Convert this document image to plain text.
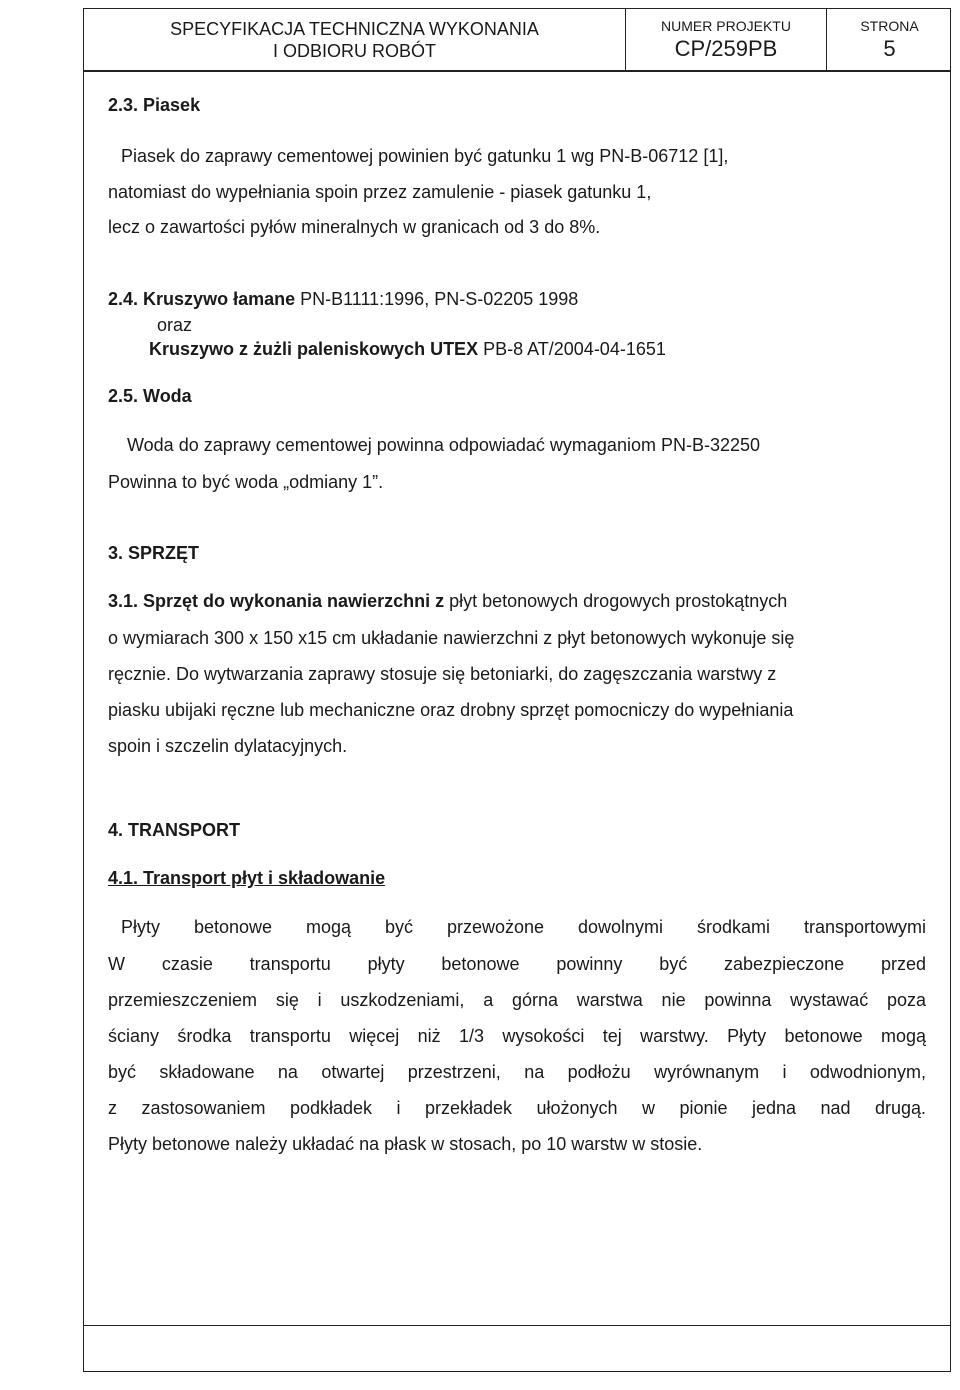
SPECYFIKACJA TECHNICZNA WYKONANIA
I ODBIORU ROBÓT
NUMER PROJEKTU
CP/259PB
STRONA
5
2.3. Piasek
Piasek do zaprawy cementowej powinien być gatunku 1 wg PN-B-06712 [1],
natomiast do wypełniania spoin przez zamulenie - piasek gatunku 1,
lecz o zawartości pyłów mineralnych w granicach od 3 do 8%.
2.4. Kruszywo łamane PN-B1111:1996, PN-S-02205 1998
oraz
Kruszywo z żużli paleniskowych UTEX PB-8 AT/2004-04-1651
2.5. Woda
Woda do zaprawy cementowej powinna odpowiadać wymaganiom PN-B-32250
Powinna to być woda „odmiany 1”.
3. SPRZĘT
3.1. Sprzęt do wykonania nawierzchni z płyt betonowych drogowych prostokątnych
o wymiarach 300 x 150 x15 cm układanie nawierzchni z płyt betonowych wykonuje się
ręcznie. Do wytwarzania zaprawy stosuje się betoniarki, do zagęszczania warstwy z
piasku ubijaki ręczne lub mechaniczne oraz drobny sprzęt pomocniczy do wypełniania
spoin i szczelin dylatacyjnych.
4. TRANSPORT
4.1. Transport płyt i składowanie
Płyty betonowe mogą być przewożone dowolnymi środkami transportowymi
W czasie transportu płyty betonowe powinny być zabezpieczone przed
przemieszczeniem się i uszkodzeniami, a górna warstwa nie powinna wystawać poza
ściany środka transportu więcej niż 1/3 wysokości tej warstwy. Płyty betonowe mogą
być składowane na otwartej przestrzeni, na podłożu wyrównanym i odwodnionym,
z zastosowaniem podkładek i przekładek ułożonych w pionie jedna nad drugą.
Płyty betonowe należy układać na płask w stosach, po 10 warstw w stosie.
